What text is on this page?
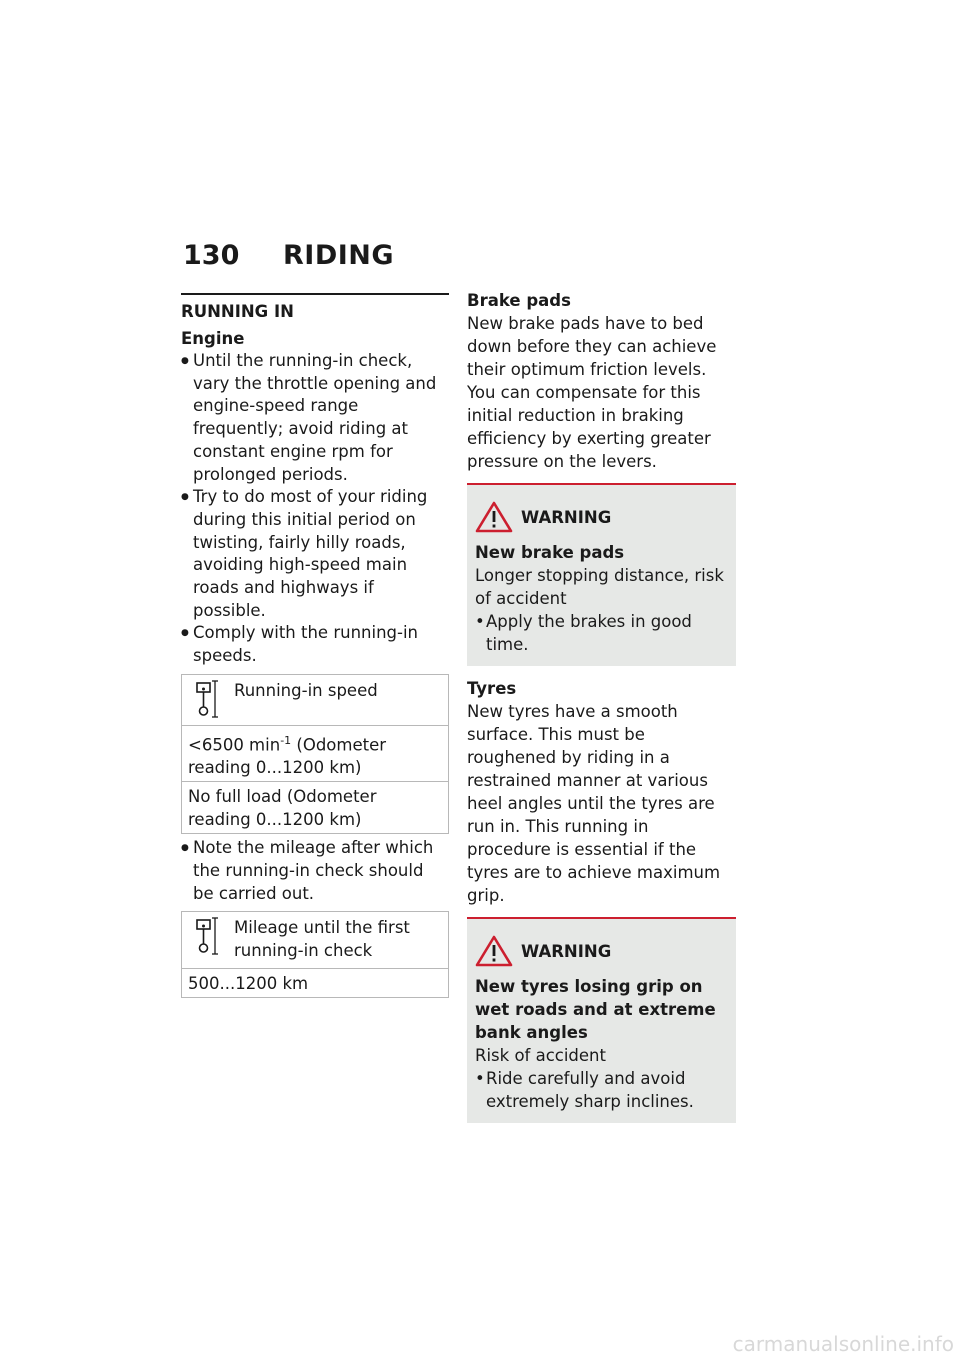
130	RIDING
RUNNING IN
Engine
● Until the running-in check, vary the throttle opening and engine-speed range frequently; avoid riding at constant engine rpm for prolonged periods.
● Try to do most of your riding during this initial period on twisting, fairly hilly roads, avoiding high-speed main roads and highways if possible.
● Comply with the running-in speeds.
Running-in speed
<6500 $\min^{-1}$ (Odometer reading 0...1200 km)
No full load (Odometer reading 0...1200 km)
● Note the mileage after which the running-in check should be carried out.
Mileage until the first running-in check
500...1200 km
Brake pads

New brake pads have to bed down before they can achieve their optimum friction levels. You can compensate for this initial reduction in braking efficiency by exerting greater pressure on the levers.

WARNING
New brake pads
Longer stopping distance, risk of accident
• Apply the brakes in good time.
Tyres

New tyres have a smooth surface. This must be roughened by riding in a restrained manner at various heel angles until the tyres are run in. This running in procedure is essential if the tyres are to achieve maximum grip.

WARNING
New tyres losing grip on wet roads and at extreme bank angles
Risk of accident
• Ride carefully and avoid extremely sharp inclines.
carmanualsonline.info
